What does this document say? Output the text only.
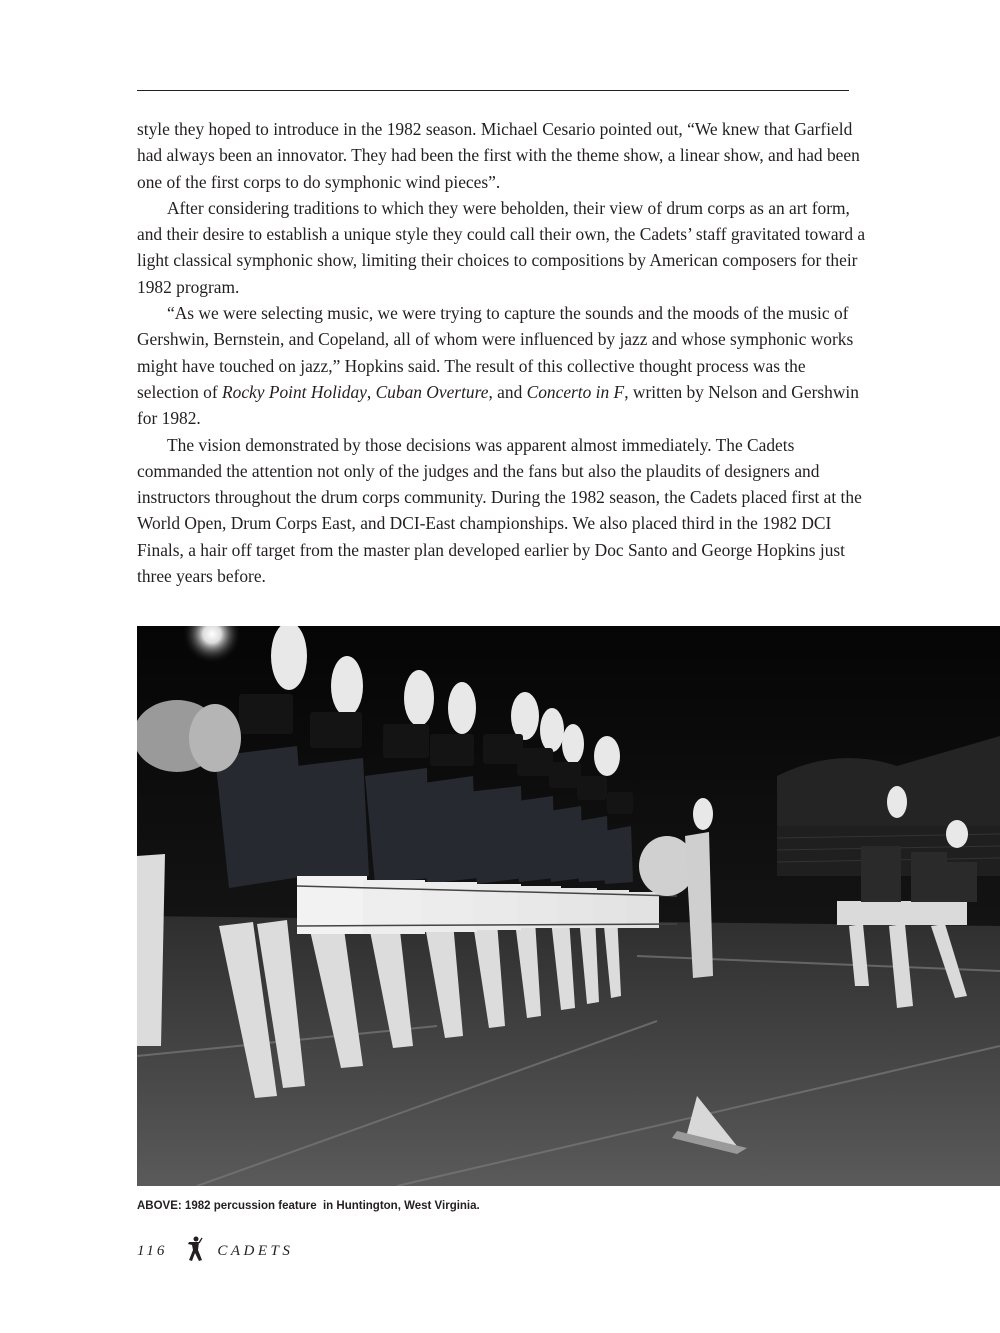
style they hoped to introduce in the 1982 season. Michael Cesario pointed out, “We knew that Garfield had always been an innovator. They had been the first with the theme show, a linear show, and had been one of the first corps to do symphonic wind pieces”.

After considering traditions to which they were beholden, their view of drum corps as an art form, and their desire to establish a unique style they could call their own, the Cadets’ staff gravitated toward a light classical symphonic show, limiting their choices to compositions by American composers for their 1982 program.

“As we were selecting music, we were trying to capture the sounds and the moods of the music of Gershwin, Bernstein, and Copeland, all of whom were influenced by jazz and whose symphonic works might have touched on jazz,” Hopkins said. The result of this collective thought process was the selection of Rocky Point Holiday, Cuban Overture, and Concerto in F, written by Nelson and Gershwin for 1982.

The vision demonstrated by those decisions was apparent almost immediately. The Cadets commanded the attention not only of the judges and the fans but also the plaudits of designers and instructors throughout the drum corps community. During the 1982 season, the Cadets placed first at the World Open, Drum Corps East, and DCI-East championships. We also placed third in the 1982 DCI Finals, a hair off target from the master plan developed earlier by Doc Santo and George Hopkins just three years before.

ABOVE: 1982 percussion feature  in Huntington, West Virginia.
116	CADETS
